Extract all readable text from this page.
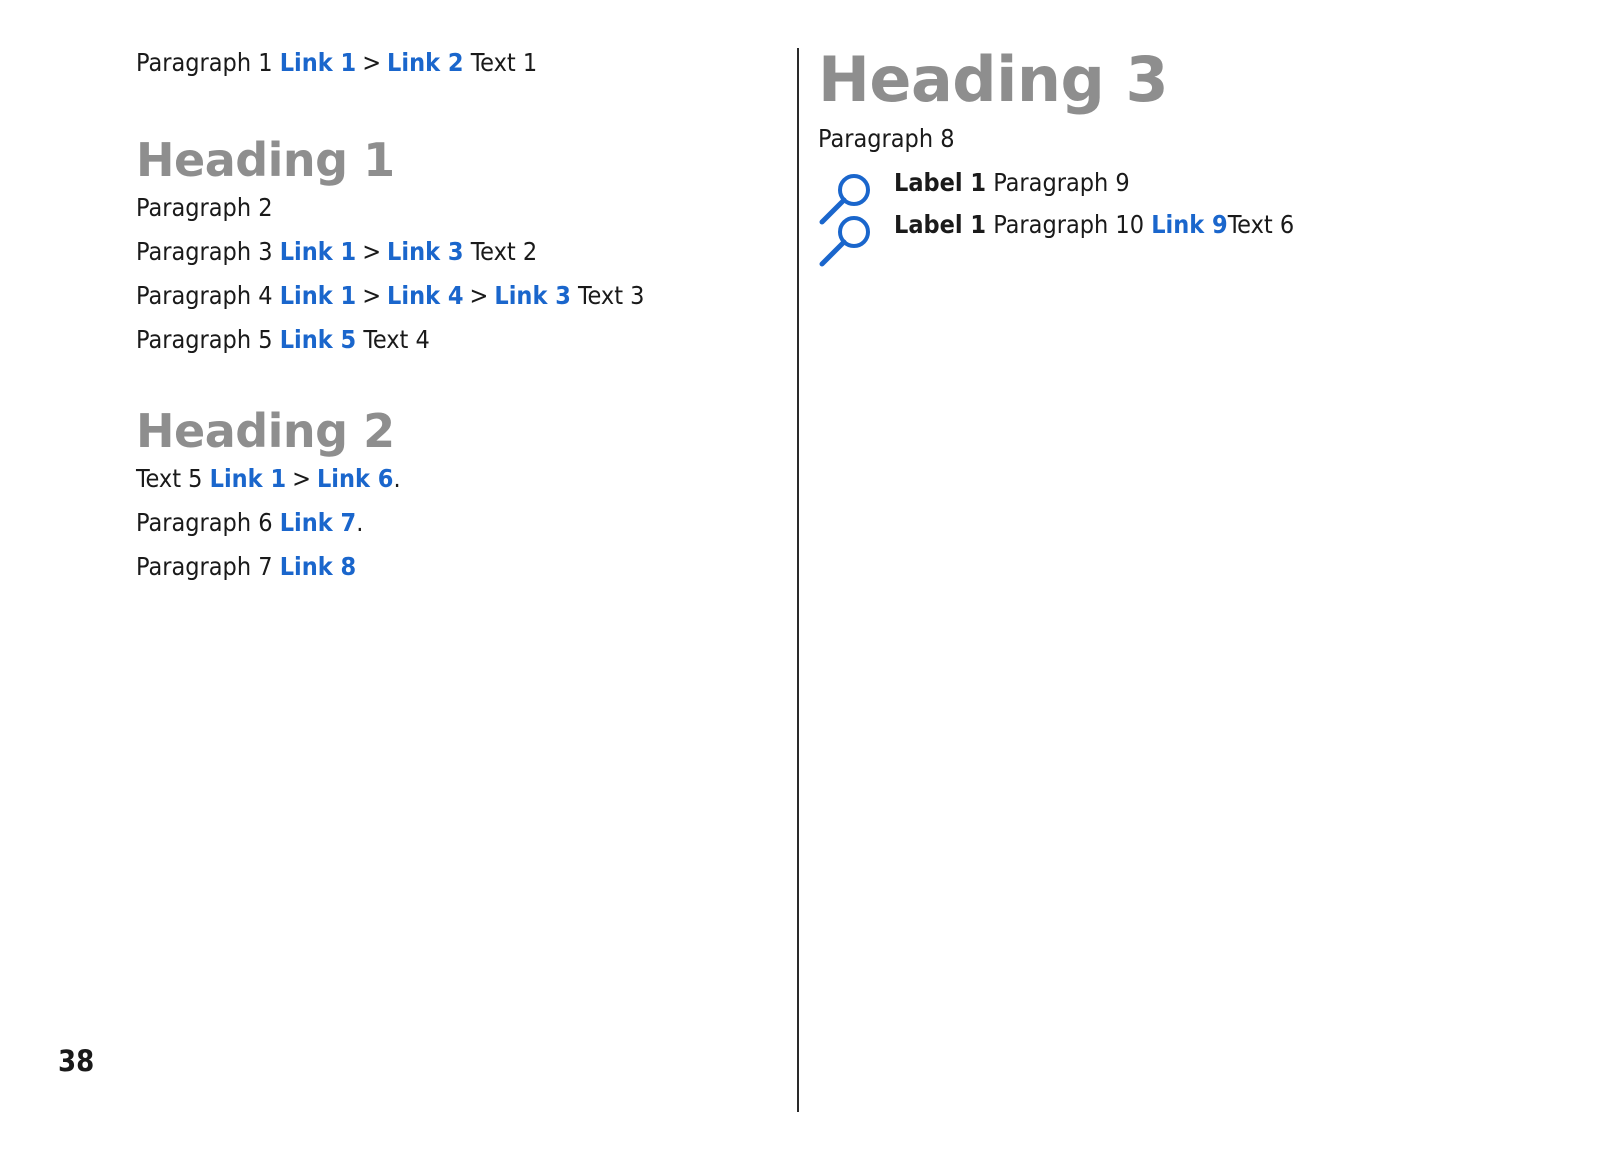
Paragraph 1 Link 1 > Link 2 Text 1

Heading 1

Paragraph 2

Paragraph 3 Link 1 > Link 3 Text 2

Paragraph 4 Link 1 > Link 4 > Link 3 Text 3

Paragraph 5 Link 5 Text 4

Heading 2

Text 5 Link 1 > Link 6.

Paragraph 6 Link 7.

Paragraph 7 Link 8

Heading 3

Paragraph 8

Label 1 Paragraph 9

Label 1 Paragraph 10 Link 9Text 6

38
